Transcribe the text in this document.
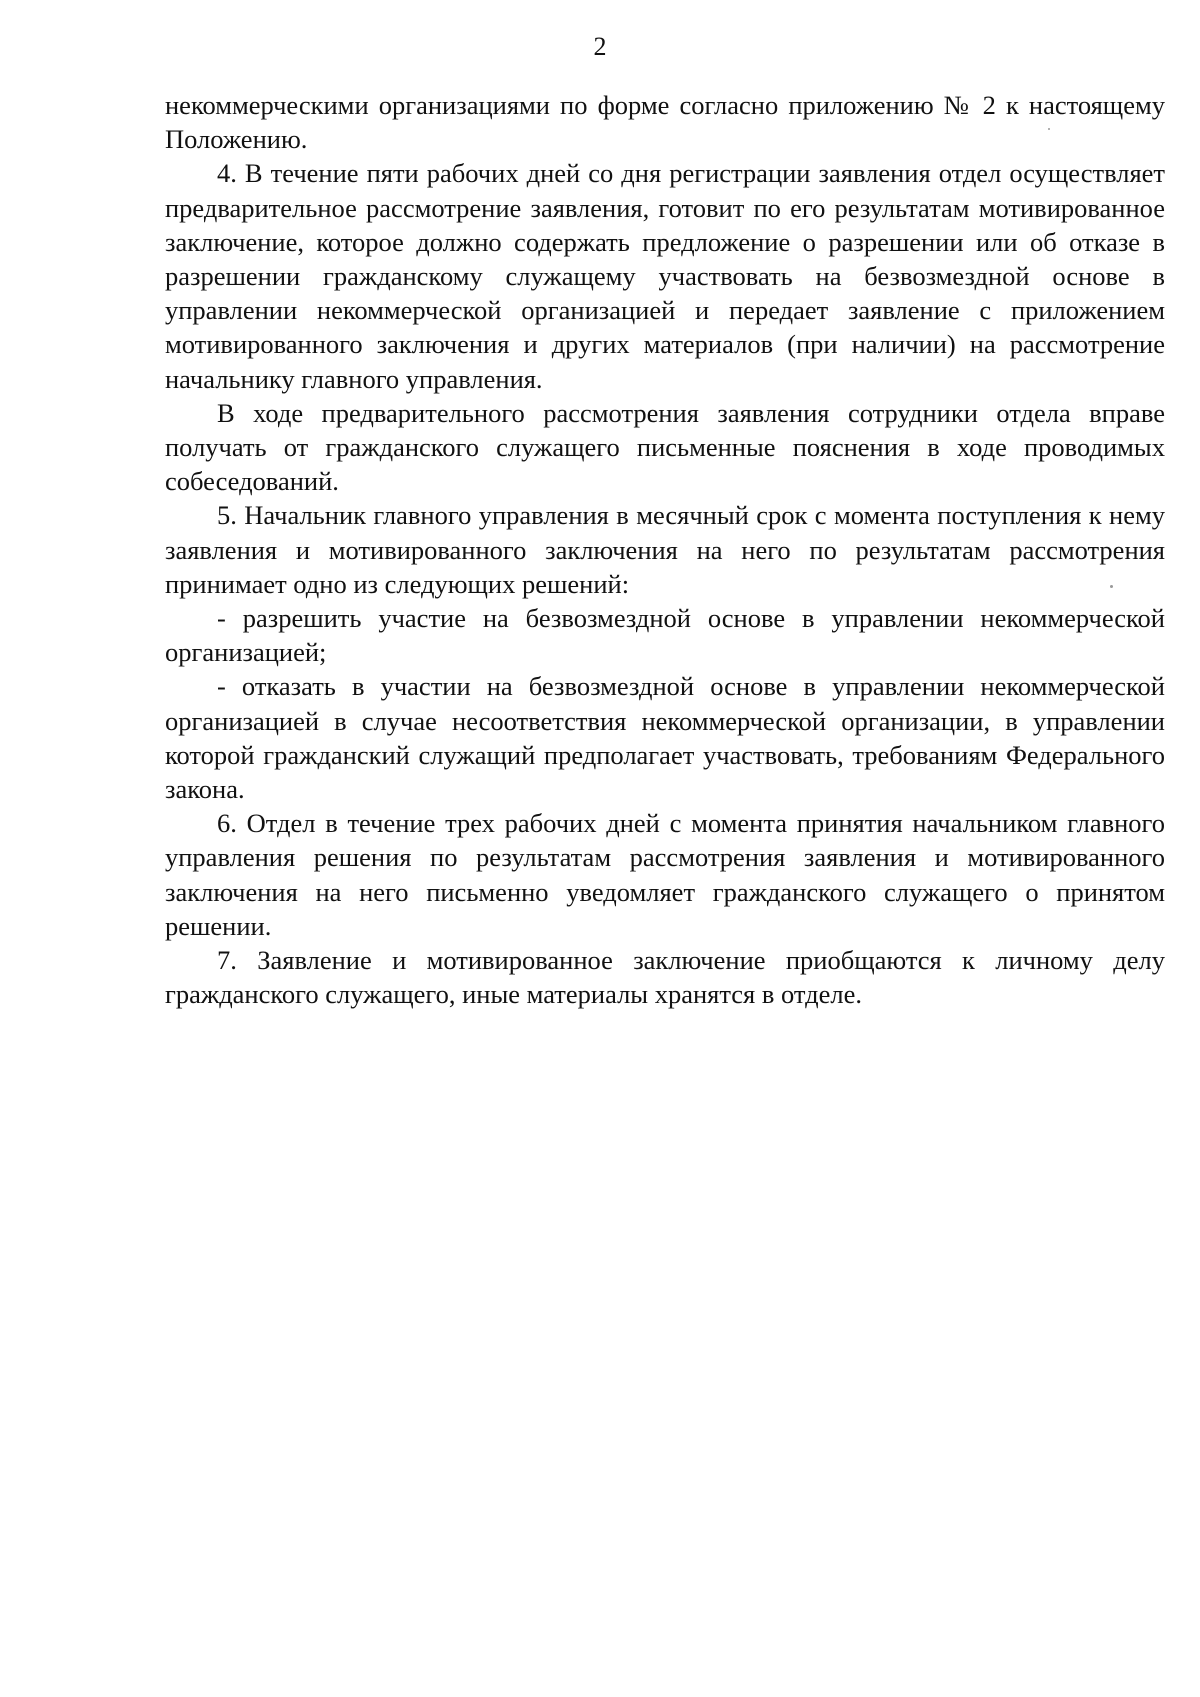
2

некоммерческими организациями по форме согласно приложению № 2 к настоящему Положению.

4. В течение пяти рабочих дней со дня регистрации заявления отдел осуществляет предварительное рассмотрение заявления, готовит по его результатам мотивированное заключение, которое должно содержать предложение о разрешении или об отказе в разрешении гражданскому служащему участвовать на безвозмездной основе в управлении некоммерческой организацией и передает заявление с приложением мотивированного заключения и других материалов (при наличии) на рассмотрение начальнику главного управления.

В ходе предварительного рассмотрения заявления сотрудники отдела вправе получать от гражданского служащего письменные пояснения в ходе проводимых собеседований.

5. Начальник главного управления в месячный срок с момента поступления к нему заявления и мотивированного заключения на него по результатам рассмотрения принимает одно из следующих решений:

- разрешить участие на безвозмездной основе в управлении некоммерческой организацией;

- отказать в участии на безвозмездной основе в управлении некоммерческой организацией в случае несоответствия некоммерческой организации, в управлении которой гражданский служащий предполагает участвовать, требованиям Федерального закона.

6. Отдел в течение трех рабочих дней с момента принятия начальником главного управления решения по результатам рассмотрения заявления и мотивированного заключения на него письменно уведомляет гражданского служащего о принятом решении.

7. Заявление и мотивированное заключение приобщаются к личному делу гражданского служащего, иные материалы хранятся в отделе.
